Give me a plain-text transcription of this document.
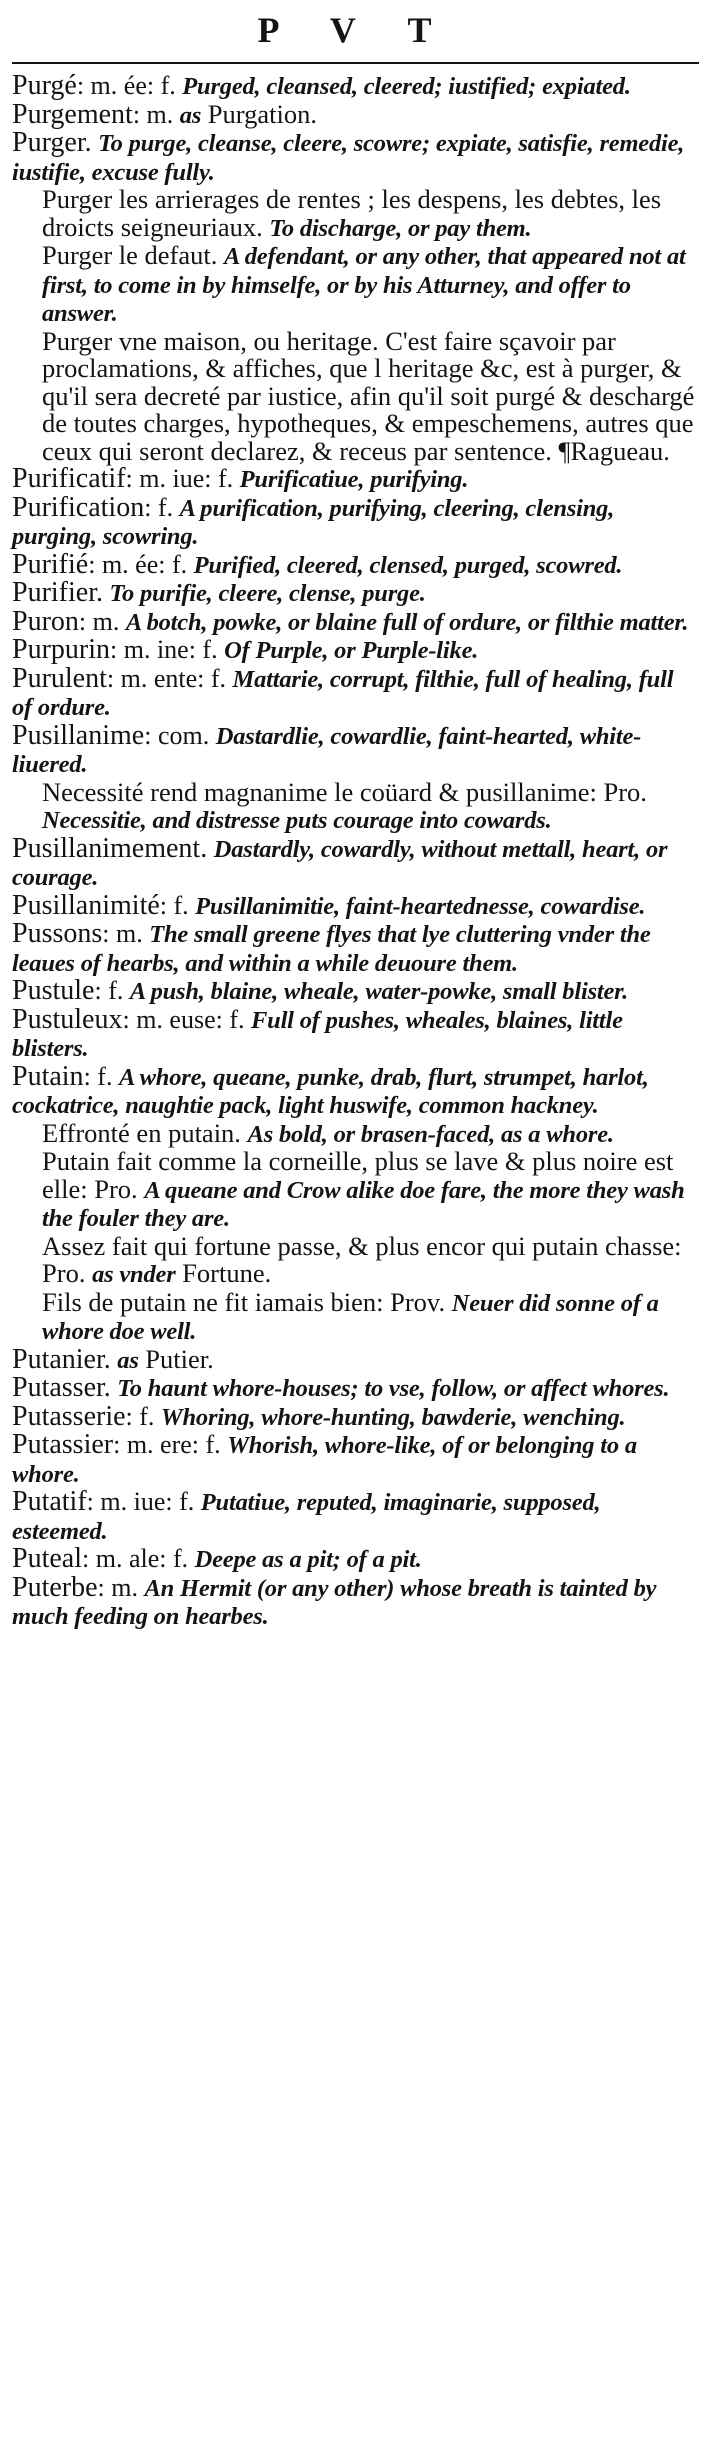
P V T

Purgé: m. ée: f. Purged, cleansed, cleered; iustified; expiated.

Purgement: m. as Purgation.

Purger. To purge, cleanse, cleere, scowre; expiate, satisfie, remedie, iustifie, excuse fully.

Purger les arrierages de rentes ; les despens, les debtes, les droicts seigneuriaux. To discharge, or pay them.

Purger le defaut. A defendant, or any other, that appeared not at first, to come in by himselfe, or by his Atturney, and offer to answer.

Purger vne maison, ou heritage. C'est faire sçavoir par proclamations, & affiches, que l heritage &c, est à purger, & qu'il sera decreté par iustice, afin qu'il soit purgé & deschargé de toutes charges, hypotheques, & empeschemens, autres que ceux qui seront declarez, & receus par sentence. ¶Ragueau.

Purificatif: m. iue: f. Purificatiue, purifying.

Purification: f. A purification, purifying, cleering, clensing, purging, scowring.

Purifié: m. ée: f. Purified, cleered, clensed, purged, scowred.

Purifier. To purifie, cleere, clense, purge.

Puron: m. A botch, powke, or blaine full of ordure, or filthie matter.

Purpurin: m. ine: f. Of Purple, or Purple-like.

Purulent: m. ente: f. Mattarie, corrupt, filthie, full of healing, full of ordure.

Pusillanime: com. Dastardlie, cowardlie, faint-hearted, white-liuered.

Necessité rend magnanime le coüard & pusillanime: Pro. Necessitie, and distresse puts courage into cowards.

Pusillanimement. Dastardly, cowardly, without mettall, heart, or courage.

Pusillanimité: f. Pusillanimitie, faint-heartednesse, cowardise.

Pussons: m. The small greene flyes that lye cluttering vnder the leaues of hearbs, and within a while deuoure them.

Pustule: f. A push, blaine, wheale, water-powke, small blister.

Pustuleux: m. euse: f. Full of pushes, wheales, blaines, little blisters.

Putain: f. A whore, queane, punke, drab, flurt, strumpet, harlot, cockatrice, naughtie pack, light huswife, common hackney.

Effronté en putain. As bold, or brasen-faced, as a whore.

Putain fait comme la corneille, plus se lave & plus noire est elle: Pro. A queane and Crow alike doe fare, the more they wash the fouler they are.

Assez fait qui fortune passe, & plus encor qui putain chasse: Pro. as vnder Fortune.

Fils de putain ne fit iamais bien: Prov. Neuer did sonne of a whore doe well.

Putanier. as Putier.

Putasser. To haunt whore-houses; to vse, follow, or affect whores.

Putasserie: f. Whoring, whore-hunting, bawderie, wenching.

Putassier: m. ere: f. Whorish, whore-like, of or belonging to a whore.

Putatif: m. iue: f. Putatiue, reputed, imaginarie, supposed, esteemed.

Puteal: m. ale: f. Deepe as a pit; of a pit.

Puterbe: m. An Hermit (or any other) whose breath is tainted by much feeding on hearbes.
